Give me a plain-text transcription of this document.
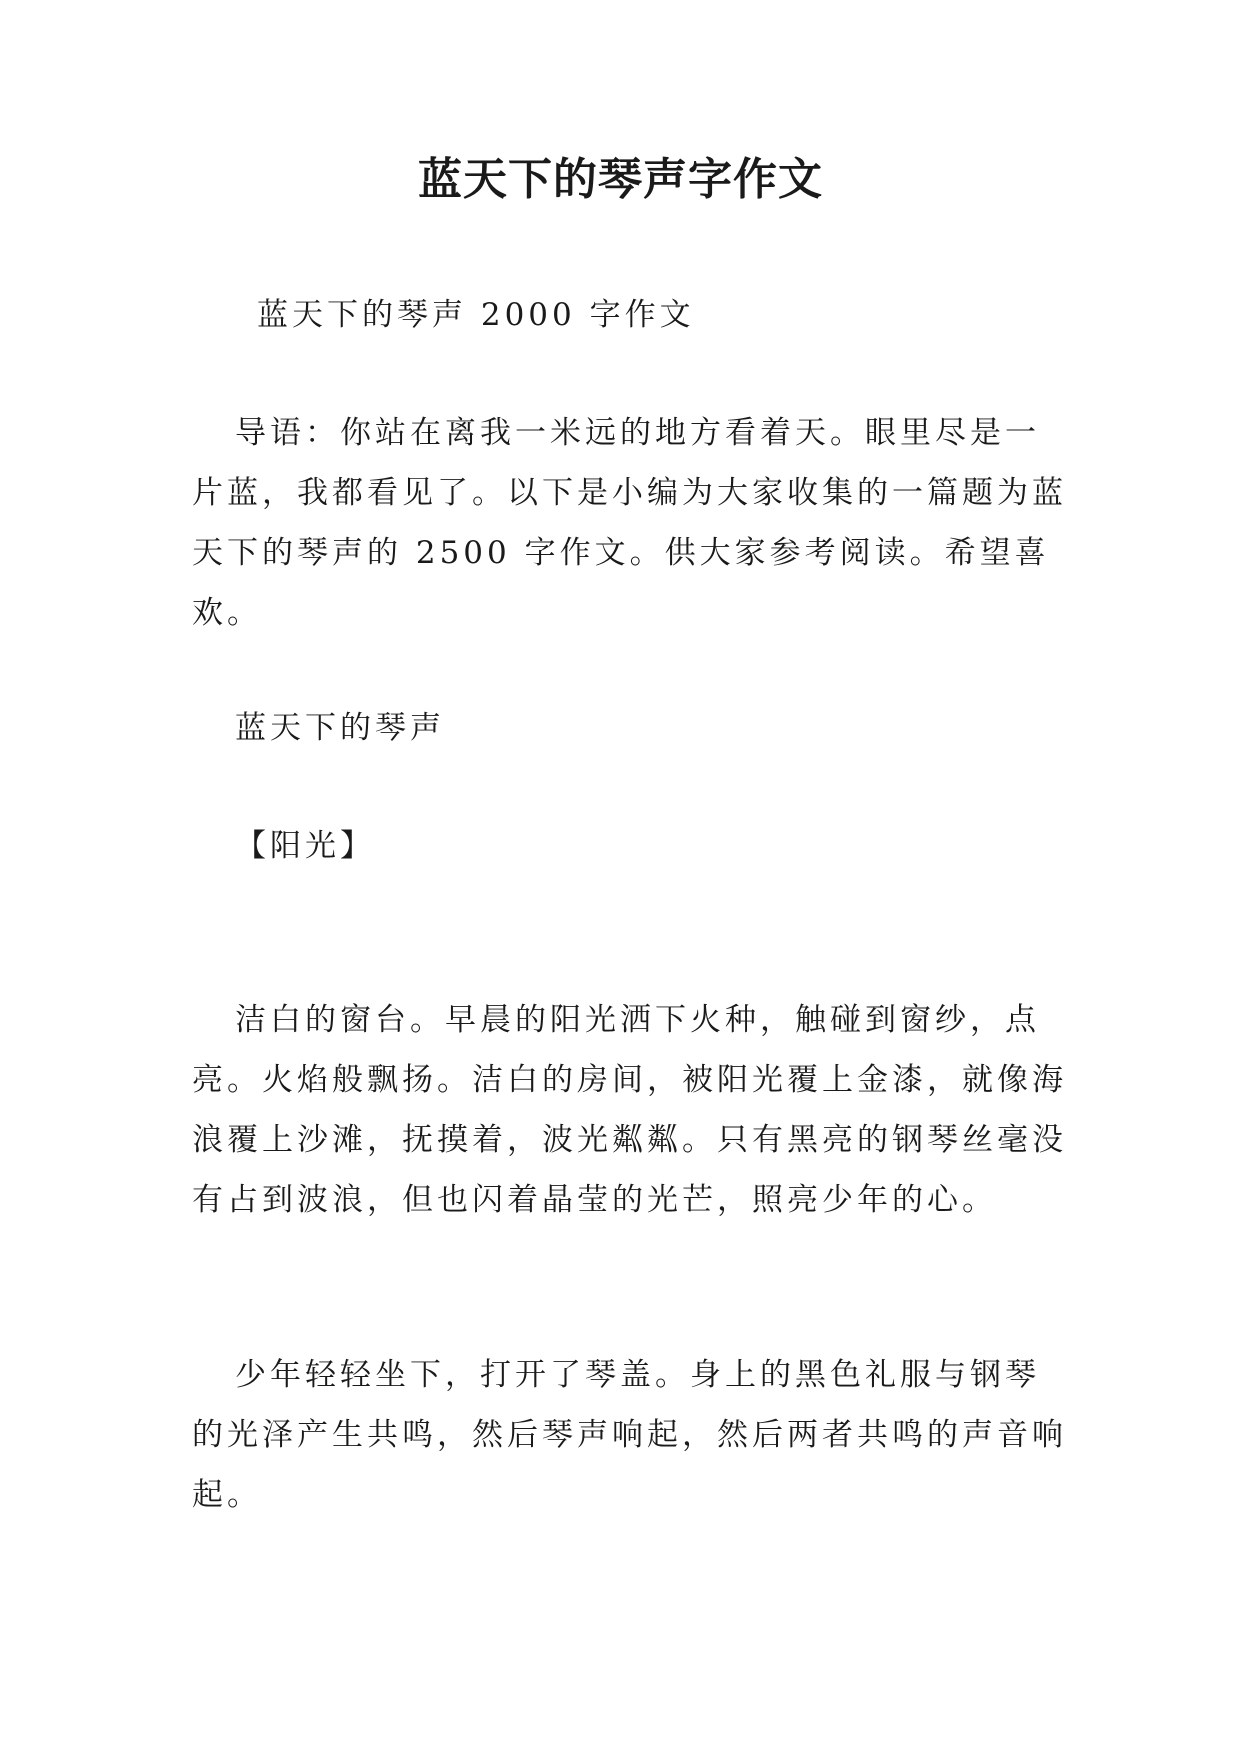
蓝天下的琴声字作文

蓝天下的琴声 2000 字作文

导语：你站在离我一米远的地方看着天。眼里尽是一片蓝，我都看见了。以下是小编为大家收集的一篇题为蓝天下的琴声的 2500 字作文。供大家参考阅读。希望喜欢。

蓝天下的琴声

【阳光】

洁白的窗台。早晨的阳光洒下火种，触碰到窗纱，点亮。火焰般飘扬。洁白的房间，被阳光覆上金漆，就像海浪覆上沙滩，抚摸着，波光粼粼。只有黑亮的钢琴丝毫没有占到波浪，但也闪着晶莹的光芒，照亮少年的心。

少年轻轻坐下，打开了琴盖。身上的黑色礼服与钢琴的光泽产生共鸣，然后琴声响起，然后两者共鸣的声音响起。
